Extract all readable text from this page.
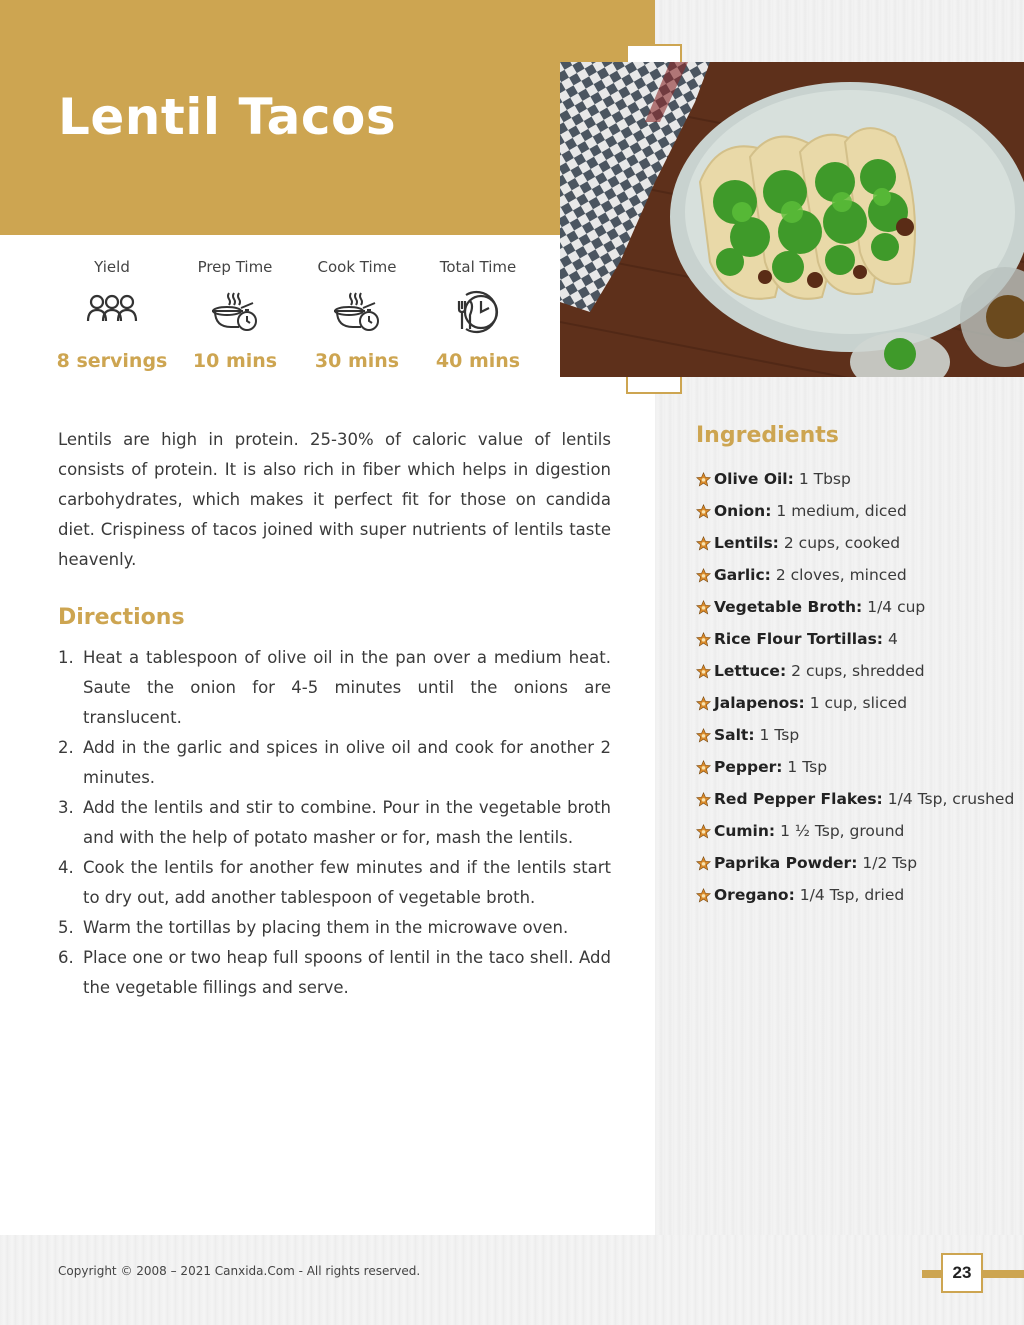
Lentil Tacos
Yield
8 servings
Prep Time
10 mins
Cook Time
30 mins
Total Time
40 mins

Lentils are high in protein. 25-30% of caloric value of lentils consists of protein. It is also rich in fiber which helps in digestion carbohydrates, which makes it perfect fit for those on candida diet. Crispiness of tacos joined with super nutrients of lentils taste heavenly.

Directions
1. Heat a tablespoon of olive oil in the pan over a medium heat. Saute the onion for 4-5 minutes until the onions are translucent.
2. Add in the garlic and spices in olive oil and cook for another 2 minutes.
3. Add the lentils and stir to combine. Pour in the vegetable broth and with the help of potato masher or for, mash the lentils.
4. Cook the lentils for another few minutes and if the lentils start to dry out, add another tablespoon of vegetable broth.
5. Warm the tortillas by placing them in the microwave oven.
6. Place one or two heap full spoons of lentil in the taco shell. Add the vegetable fillings and serve.
Ingredients
Olive Oil: 1 Tbsp
Onion: 1 medium, diced
Lentils: 2 cups, cooked
Garlic: 2 cloves, minced
Vegetable Broth: 1/4 cup
Rice Flour Tortillas: 4
Lettuce: 2 cups, shredded
Jalapenos: 1 cup, sliced
Salt: 1 Tsp
Pepper: 1 Tsp
Red Pepper Flakes: 1/4 Tsp, crushed
Cumin: 1 ½ Tsp, ground
Paprika Powder: 1/2 Tsp
Oregano: 1/4 Tsp, dried

Copyright © 2008 – 2021 Canxida.Com - All rights reserved.	23
